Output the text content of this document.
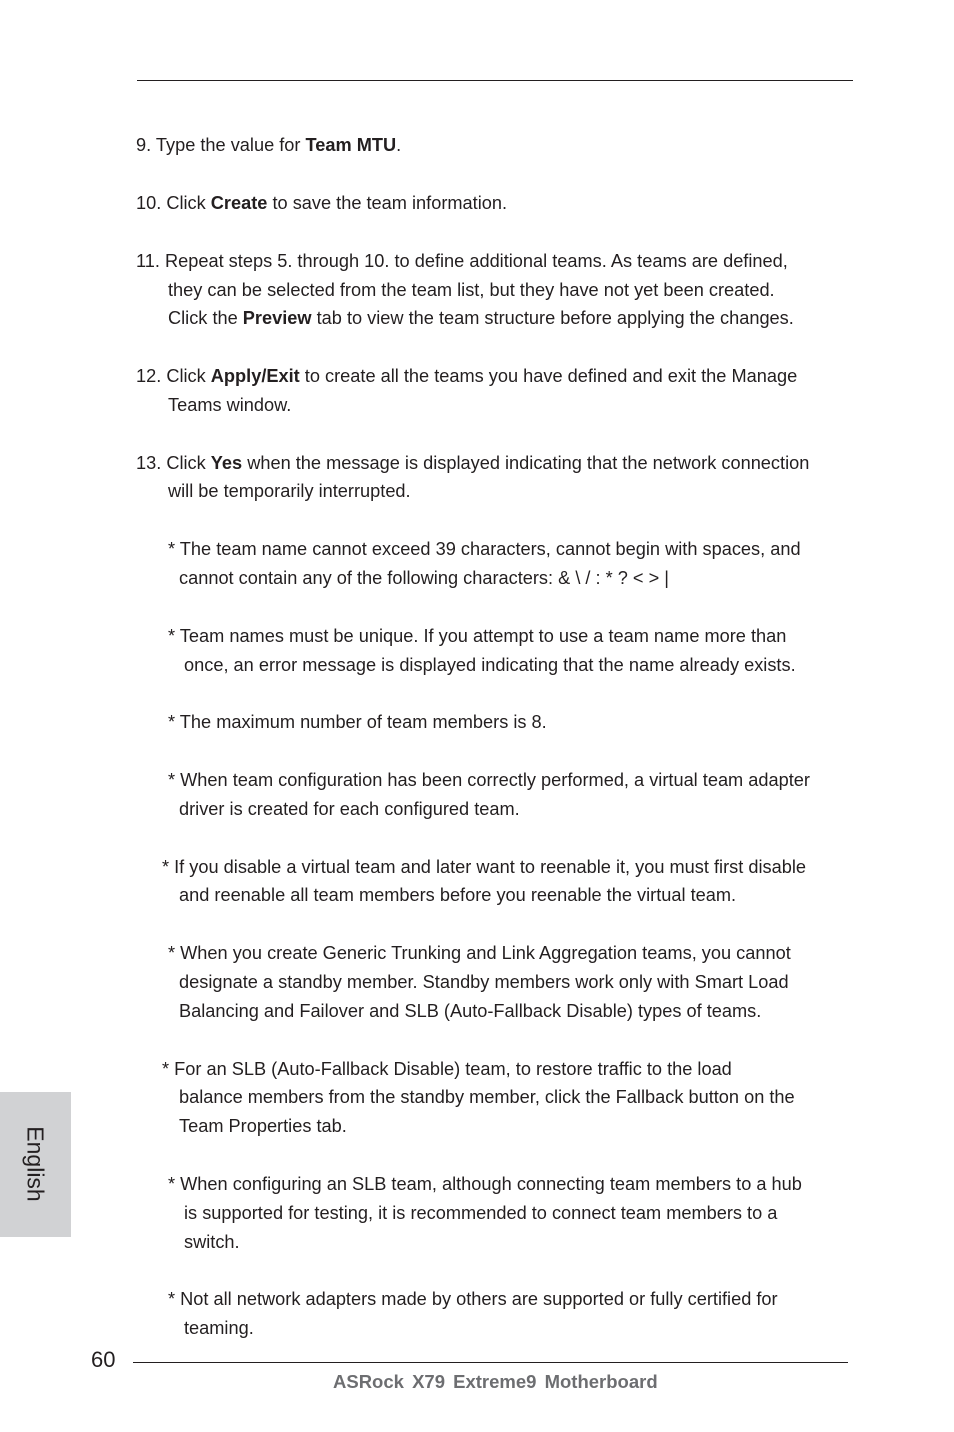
9. Type the value for Team MTU.
10. Click Create to save the team information.
11. Repeat steps 5. through 10. to define additional teams. As teams are defined,
they can be selected from the team list, but they have not yet been created.
Click the Preview tab to view the team structure before applying the changes.
12. Click Apply/Exit to create all the teams you have defined and exit the Manage
Teams window.
13. Click Yes when the message is displayed indicating that the network connection
will be temporarily interrupted.
* The team name cannot exceed 39 characters, cannot begin with spaces, and
cannot contain any of the following characters: & \ / : * ? < > |
* Team names must be unique. If you attempt to use a team name more than
once, an error message is displayed indicating that the name already exists.
* The maximum number of team members is 8.
* When team configuration has been correctly performed, a virtual team adapter
driver is created for each configured team.
* If you disable a virtual team and later want to reenable it, you must first disable
and reenable all team members before you reenable the virtual team.
* When you create Generic Trunking and Link Aggregation teams, you cannot
designate a standby member. Standby members work only with Smart Load
Balancing and Failover and SLB (Auto-Fallback Disable) types of teams.
* For an SLB (Auto-Fallback Disable) team, to restore traffic to the load
balance members from the standby member, click the Fallback button on the
Team Properties tab.
* When configuring an SLB team, although connecting team members to a hub
is supported for testing, it is recommended to connect team members to a
switch.
* Not all network adapters made by others are supported or fully certified for
teaming.
English
60
ASRock X79 Extreme9 Motherboard
